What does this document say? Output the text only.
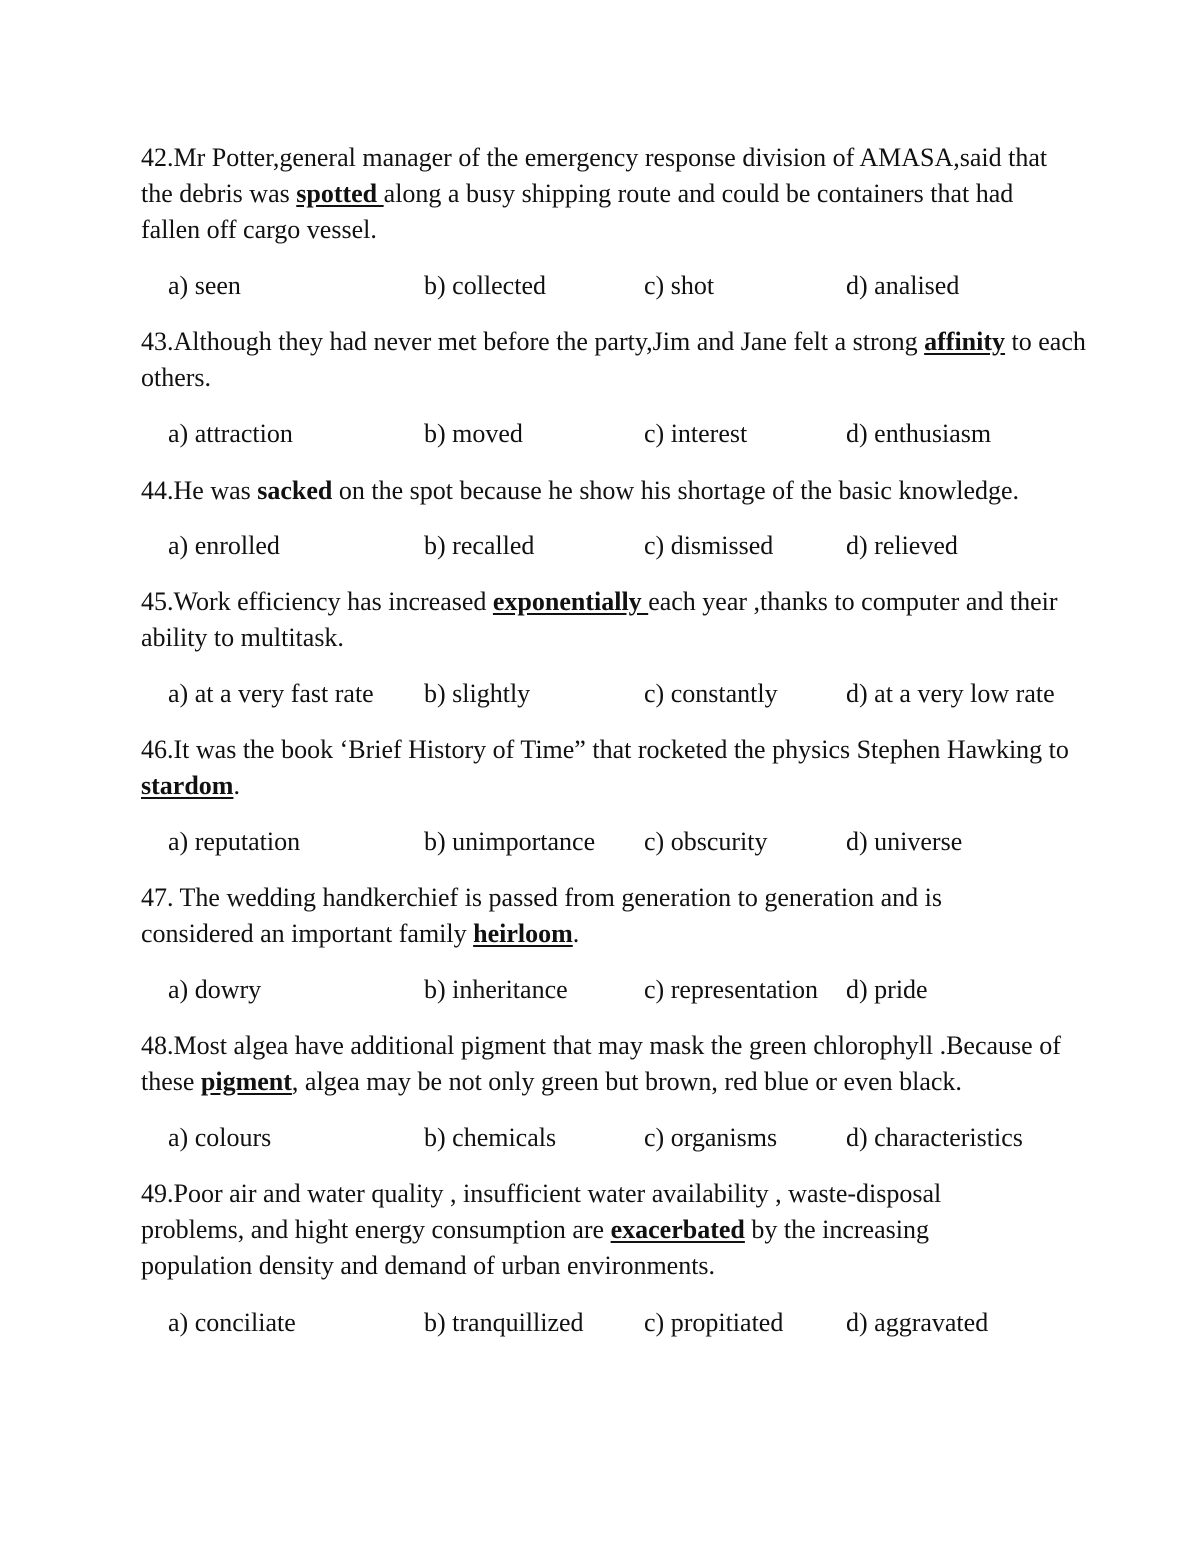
42.Mr Potter,general manager of the emergency response division of AMASA,said that the debris was spotted along a busy shipping route and could be containers that had fallen off cargo vessel.
a) seen	b) collected	c) shot	d) analised
43.Although they had never met before the party,Jim and Jane felt a strong affinity to each others.
a) attraction	b) moved	c) interest	d) enthusiasm
44.He was sacked on the spot because he show his shortage of the basic knowledge.
a) enrolled	b) recalled	c) dismissed	d) relieved
45.Work efficiency has increased exponentially each year ,thanks to computer and their ability to multitask.
a) at a very fast rate b) slightly	c) constantly	d) at a very low rate
46.It was the book ‘Brief History of Time” that rocketed the physics Stephen Hawking to stardom.
a) reputation	b) unimportance c) obscurity	d) universe
47. The wedding handkerchief is passed from generation to generation and is considered an important family heirloom.
a) dowry	b) inheritance	c) representation d) pride
48.Most algea have additional pigment that may mask the green chlorophyll .Because of these pigment, algea may be not only green but brown, red blue or even black.
a) colours	b) chemicals	c) organisms	d) characteristics
49.Poor air and water quality , insufficient water availability , waste-disposal problems, and hight energy consumption are exacerbated by the increasing population density and demand of urban environments.
a) conciliate	b) tranquillized c) propitiated d) aggravated
